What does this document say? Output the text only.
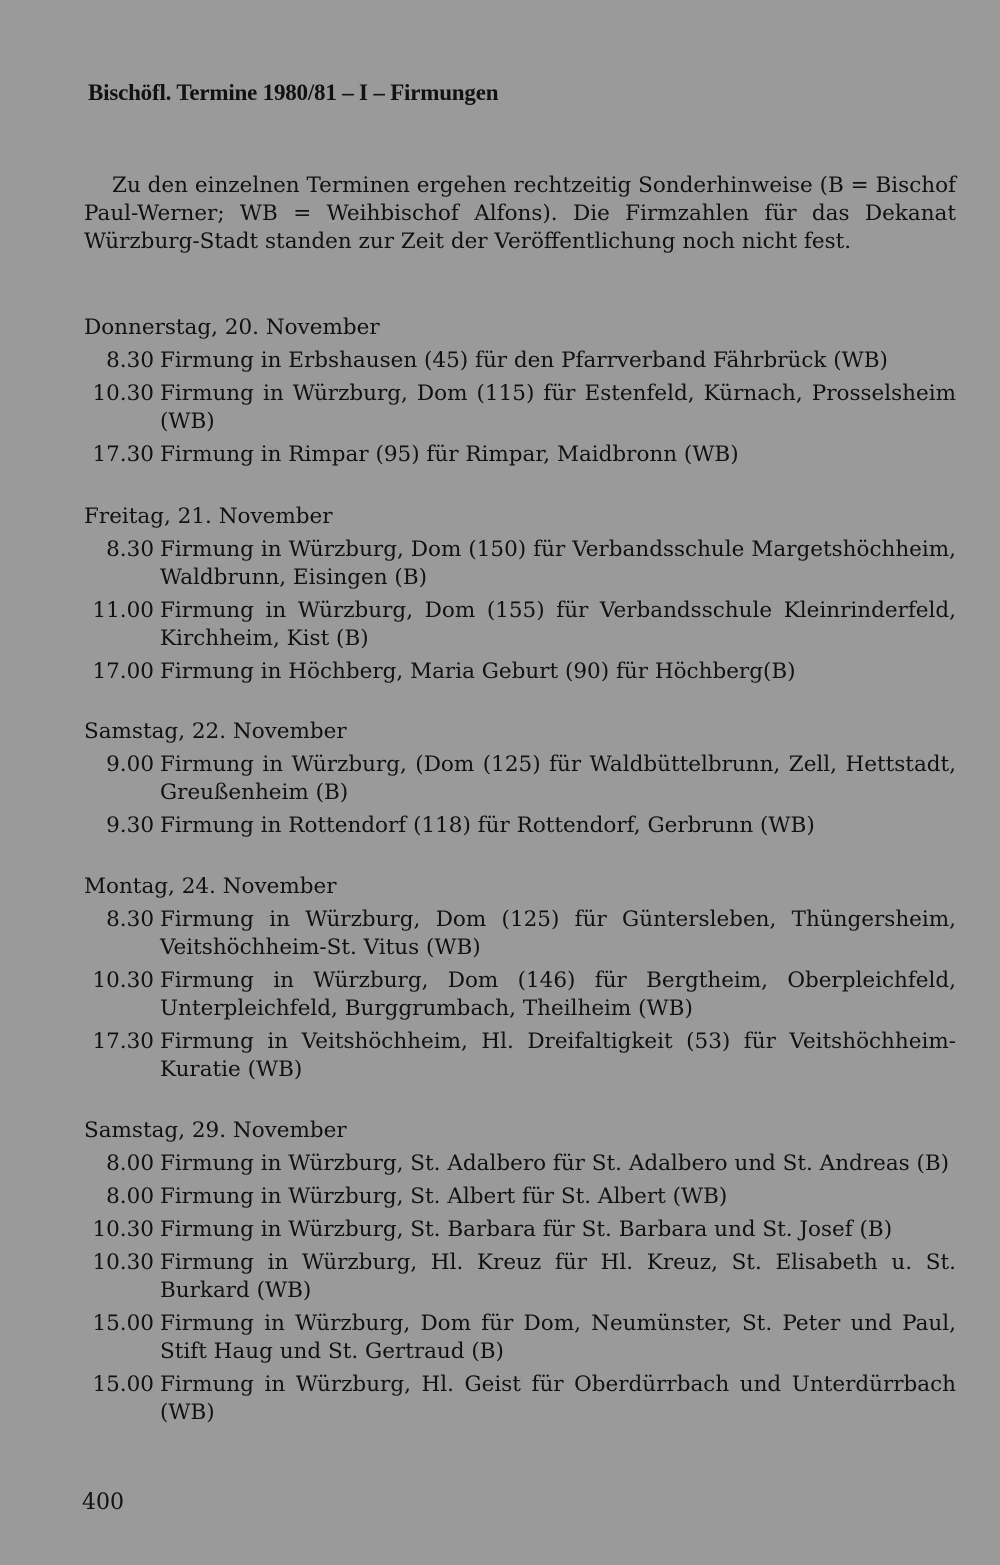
Bischöfl. Termine 1980/81 – I – Firmungen
Zu den einzelnen Terminen ergehen rechtzeitig Sonderhinweise (B = Bischof Paul-Werner; WB = Weihbischof Alfons). Die Firmzahlen für das Dekanat Würzburg-Stadt standen zur Zeit der Veröffentlichung noch nicht fest.
Donnerstag, 20. November
8.30 Firmung in Erbshausen (45) für den Pfarrverband Fährbrück (WB)
10.30 Firmung in Würzburg, Dom (115) für Estenfeld, Kürnach, Prosselsheim (WB)
17.30 Firmung in Rimpar (95) für Rimpar, Maidbronn (WB)
Freitag, 21. November
8.30 Firmung in Würzburg, Dom (150) für Verbandsschule Margetshöchheim, Waldbrunn, Eisingen (B)
11.00 Firmung in Würzburg, Dom (155) für Verbandsschule Kleinrinderfeld, Kirchheim, Kist (B)
17.00 Firmung in Höchberg, Maria Geburt (90) für Höchberg(B)
Samstag, 22. November
9.00 Firmung in Würzburg, (Dom (125) für Waldbüttelbrunn, Zell, Hettstadt, Greußenheim (B)
9.30 Firmung in Rottendorf (118) für Rottendorf, Gerbrunn (WB)
Montag, 24. November
8.30 Firmung in Würzburg, Dom (125) für Güntersleben, Thüngersheim, Veitshöchheim-St. Vitus (WB)
10.30 Firmung in Würzburg, Dom (146) für Bergtheim, Oberpleichfeld, Unterpleichfeld, Burggrumbach, Theilheim (WB)
17.30 Firmung in Veitshöchheim, Hl. Dreifaltigkeit (53) für Veitshöchheim-Kuratie (WB)
Samstag, 29. November
8.00 Firmung in Würzburg, St. Adalbero für St. Adalbero und St. Andreas (B)
8.00 Firmung in Würzburg, St. Albert für St. Albert (WB)
10.30 Firmung in Würzburg, St. Barbara für St. Barbara und St. Josef (B)
10.30 Firmung in Würzburg, Hl. Kreuz für Hl. Kreuz, St. Elisabeth u. St. Burkard (WB)
15.00 Firmung in Würzburg, Dom für Dom, Neumünster, St. Peter und Paul, Stift Haug und St. Gertraud (B)
15.00 Firmung in Würzburg, Hl. Geist für Oberdürrbach und Unterdürrbach (WB)
400
